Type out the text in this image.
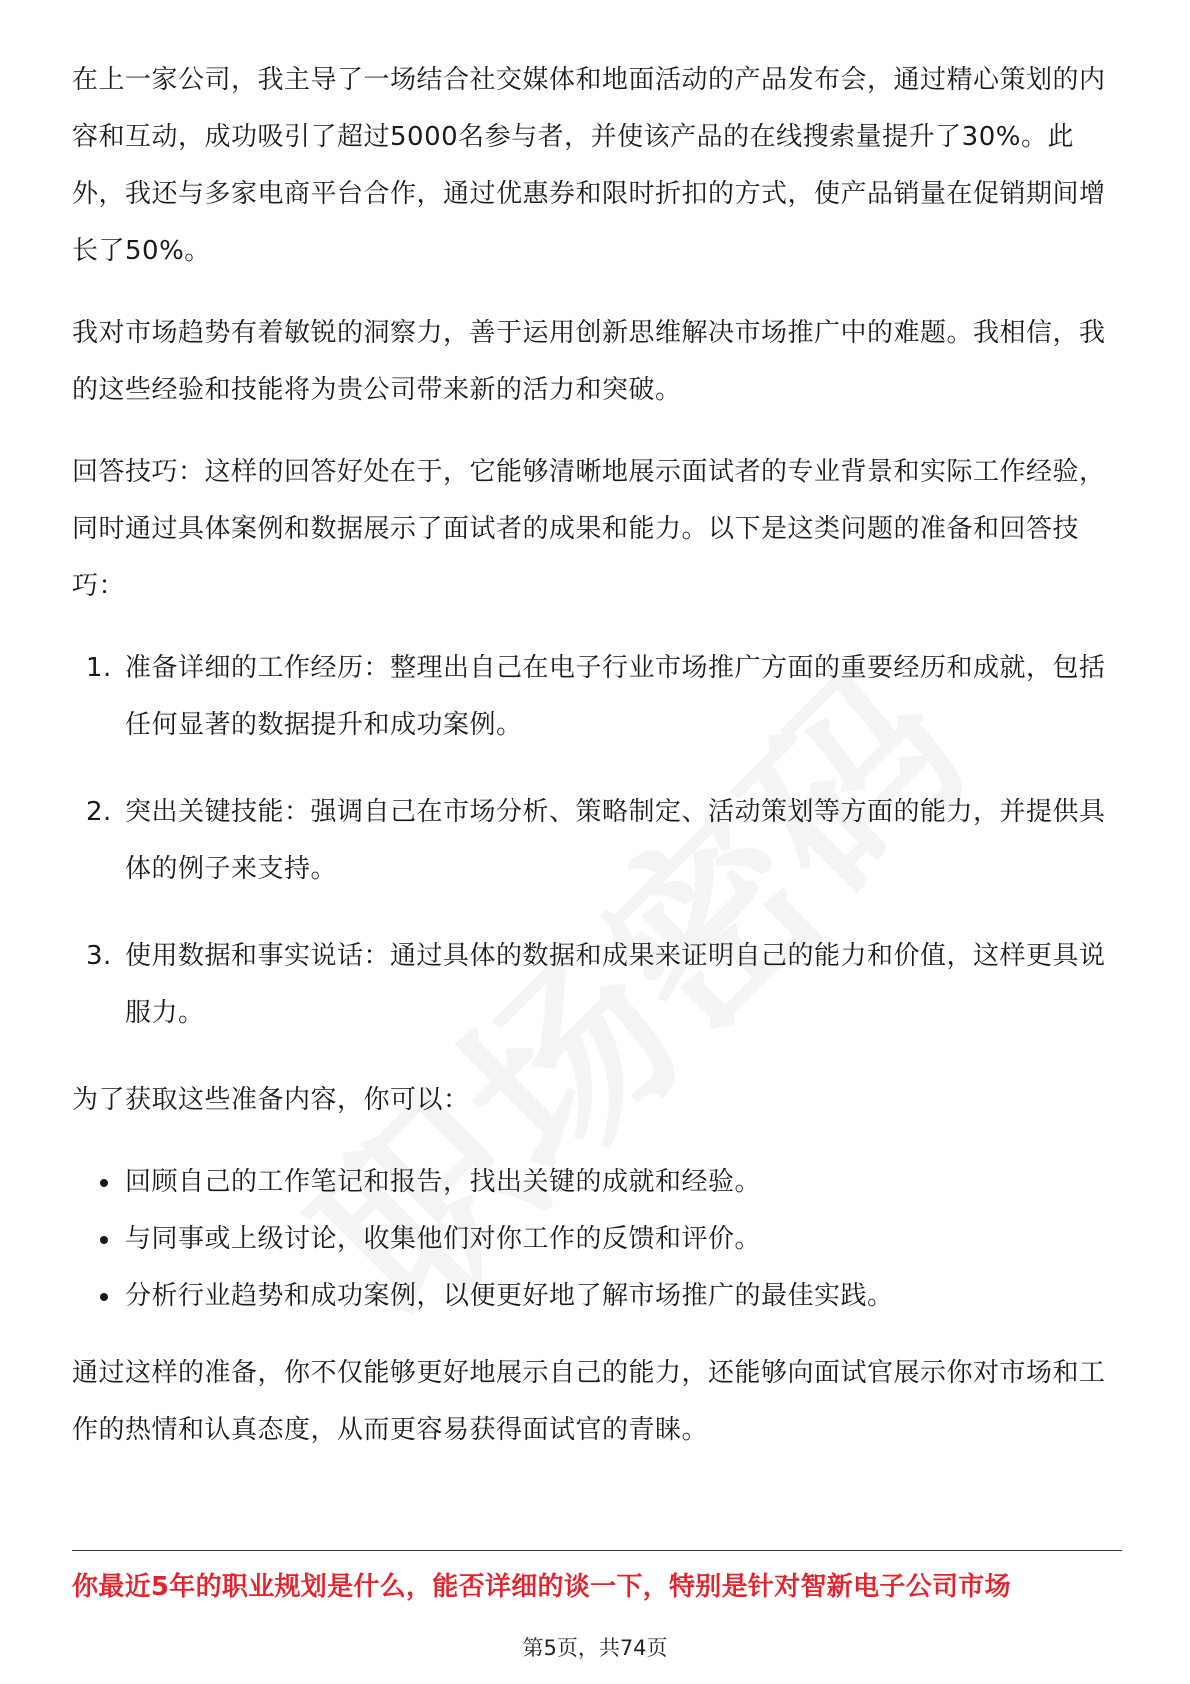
在上一家公司，我主导了一场结合社交媒体和地面活动的产品发布会，通过精心策划的内容和互动，成功吸引了超过5000名参与者，并使该产品的在线搜索量提升了30%。此外，我还与多家电商平台合作，通过优惠券和限时折扣的方式，使产品销量在促销期间增长了50%。

我对市场趋势有着敏锐的洞察力，善于运用创新思维解决市场推广中的难题。我相信，我的这些经验和技能将为贵公司带来新的活力和突破。

回答技巧：这样的回答好处在于，它能够清晰地展示面试者的专业背景和实际工作经验，同时通过具体案例和数据展示了面试者的成果和能力。以下是这类问题的准备和回答技巧：

1. 准备详细的工作经历：整理出自己在电子行业市场推广方面的重要经历和成就，包括任何显著的数据提升和成功案例。
2. 突出关键技能：强调自己在市场分析、策略制定、活动策划等方面的能力，并提供具体的例子来支持。
3. 使用数据和事实说话：通过具体的数据和成果来证明自己的能力和价值，这样更具说服力。

为了获取这些准备内容，你可以：

回顾自己的工作笔记和报告，找出关键的成就和经验。
与同事或上级讨论，收集他们对你工作的反馈和评价。
分析行业趋势和成功案例，以便更好地了解市场推广的最佳实践。

通过这样的准备，你不仅能够更好地展示自己的能力，还能够向面试官展示你对市场和工作的热情和认真态度，从而更容易获得面试官的青睐。

你最近5年的职业规划是什么，能否详细的谈一下，特别是针对智新电子公司市场
第5页，共74页
